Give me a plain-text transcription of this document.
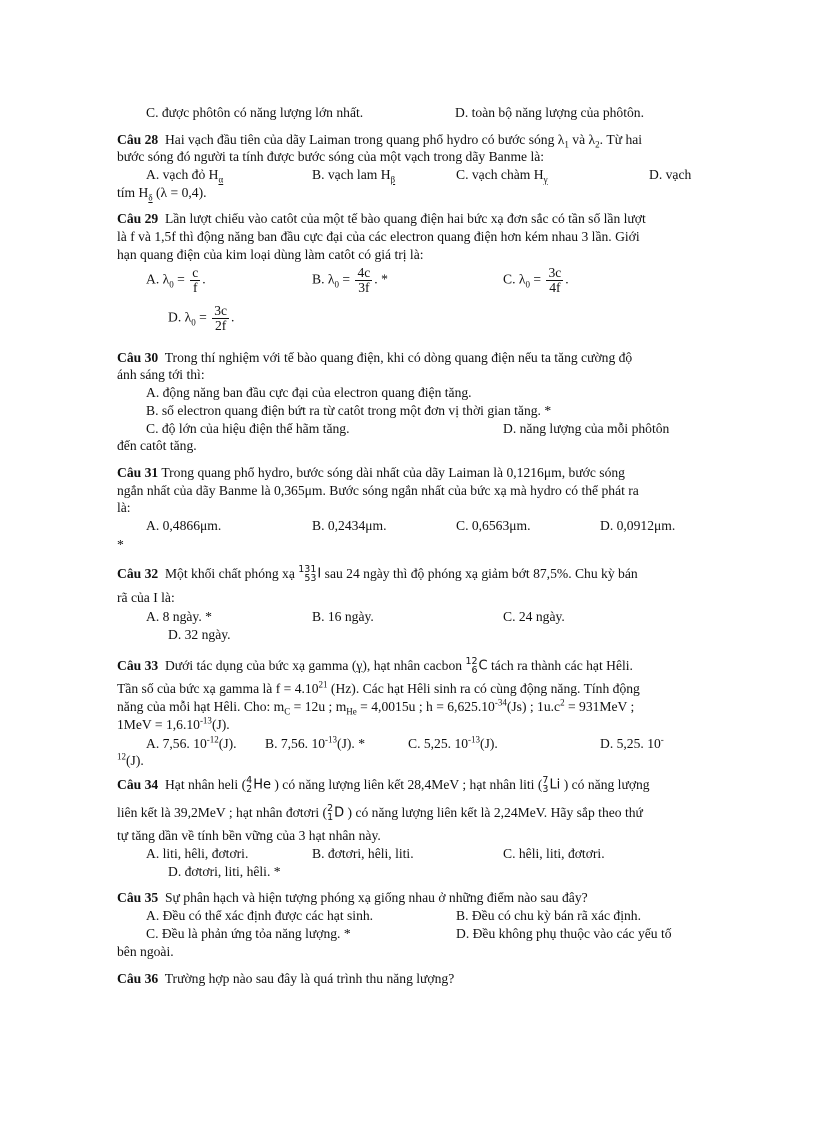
C. được phôtôn có năng lượng lớn nhất.	D. toàn bộ năng lượng của phôtôn.
Câu 28 Hai vạch đầu tiên của dãy Laiman trong quang phổ hydro có bước sóng $\lambda_1$ và $\lambda_2$. Từ hai
bước sóng đó người ta tính được bước sóng của một vạch trong dãy Banme là:
A. vạch đỏ $H_\alpha$	B. vạch lam $H_\beta$	C. vạch chàm $H_\gamma$	D. vạch
tím $H_\delta$ (λ = 0,4).
Câu 29 Lần lượt chiếu vào catôt của một tế bào quang điện hai bức xạ đơn sắc có tần số lần lượt
là f và 1,5f thì động năng ban đầu cực đại của các electron quang điện hơn kém nhau 3 lần. Giới
hạn quang điện của kim loại dùng làm catôt có giá trị là:
A. $\lambda_0 = \frac{c}{f}$ .	B. $\lambda_0 = \frac{4c}{3f}$ . *	C. $\lambda_0 = \frac{3c}{4f}$ .
D. $\lambda_0 = \frac{3c}{2f}$ .
Câu 30 Trong thí nghiệm với tế bào quang điện, khi có dòng quang điện nếu ta tăng cường độ
ánh sáng tới thì:
A. động năng ban đầu cực đại của electron quang điện tăng.
B. số electron quang điện bứt ra từ catôt trong một đơn vị thời gian tăng. *
C. độ lớn của hiệu điện thế hãm tăng.	D. năng lượng của mỗi phôtôn
đến catôt tăng.
Câu 31 Trong quang phổ hydro, bước sóng dài nhất của dãy Laiman là 0,1216μm, bước sóng
ngắn nhất của dãy Banme là 0,365μm. Bước sóng ngắn nhất của bức xạ mà hydro có thể phát ra
là:
A. 0,4866μm.	B. 0,2434μm.	C. 0,6563μm.	D. 0,0912μm.
*
Câu 32 Một khối chất phóng xạ 131
53 I sau 24 ngày thì độ phóng xạ giảm bớt 87,5%. Chu kỳ bán
rã của I là:
A. 8 ngày. *	B. 16 ngày.	C. 24 ngày.
D. 32 ngày.
Câu 33 Dưới tác dụng của bức xạ gamma (γ), hạt nhân cacbon 12
6 C tách ra thành các hạt Hêli.
Tần số của bức xạ gamma là $f = 4.10^{21}$ (Hz). Các hạt Hêli sinh ra có cùng động năng. Tính động
năng của mỗi hạt Hêli. Cho: $m_C = 12u$ ; $m_{He} = 4,0015u$ ; $h = 6,625.10^{-34}(Js)$ ; $1u.c^2 = 931MeV$ ;
$1MeV = 1,6.10^{-13}(J)$.
A. 7,56. $10^{-12}(J)$. B. 7,56. $10^{-13}(J)$. *	C. 5,25. $10^{-13}(J)$.	D. 5,25. 10-
$^{12}$(J).
Câu 34 Hạt nhân heli ( 4
2 He ) có năng lượng liên kết 28,4MeV ; hạt nhân liti ( 7
3 Li ) có năng lượng
liên kết là 39,2MeV ; hạt nhân đơtơri ( 2
1 D ) có năng lượng liên kết là 2,24MeV. Hãy sắp theo thứ
tự tăng dần về tính bền vững của 3 hạt nhân này.
A. liti, hêli, đơtơri.	B. đơtơri, hêli, liti.	C. hêli, liti, đơtơri.
D. đơtơri, liti, hêli. *
Câu 35 Sự phân hạch và hiện tượng phóng xạ giống nhau ở những điểm nào sau đây?
A. Đều có thể xác định được các hạt sinh.	B. Đều có chu kỳ bán rã xác định.
C. Đều là phản ứng tỏa năng lượng. *	D. Đều không phụ thuộc vào các yếu tố
bên ngoài.
Câu 36 Trường hợp nào sau đây là quá trình thu năng lượng?
